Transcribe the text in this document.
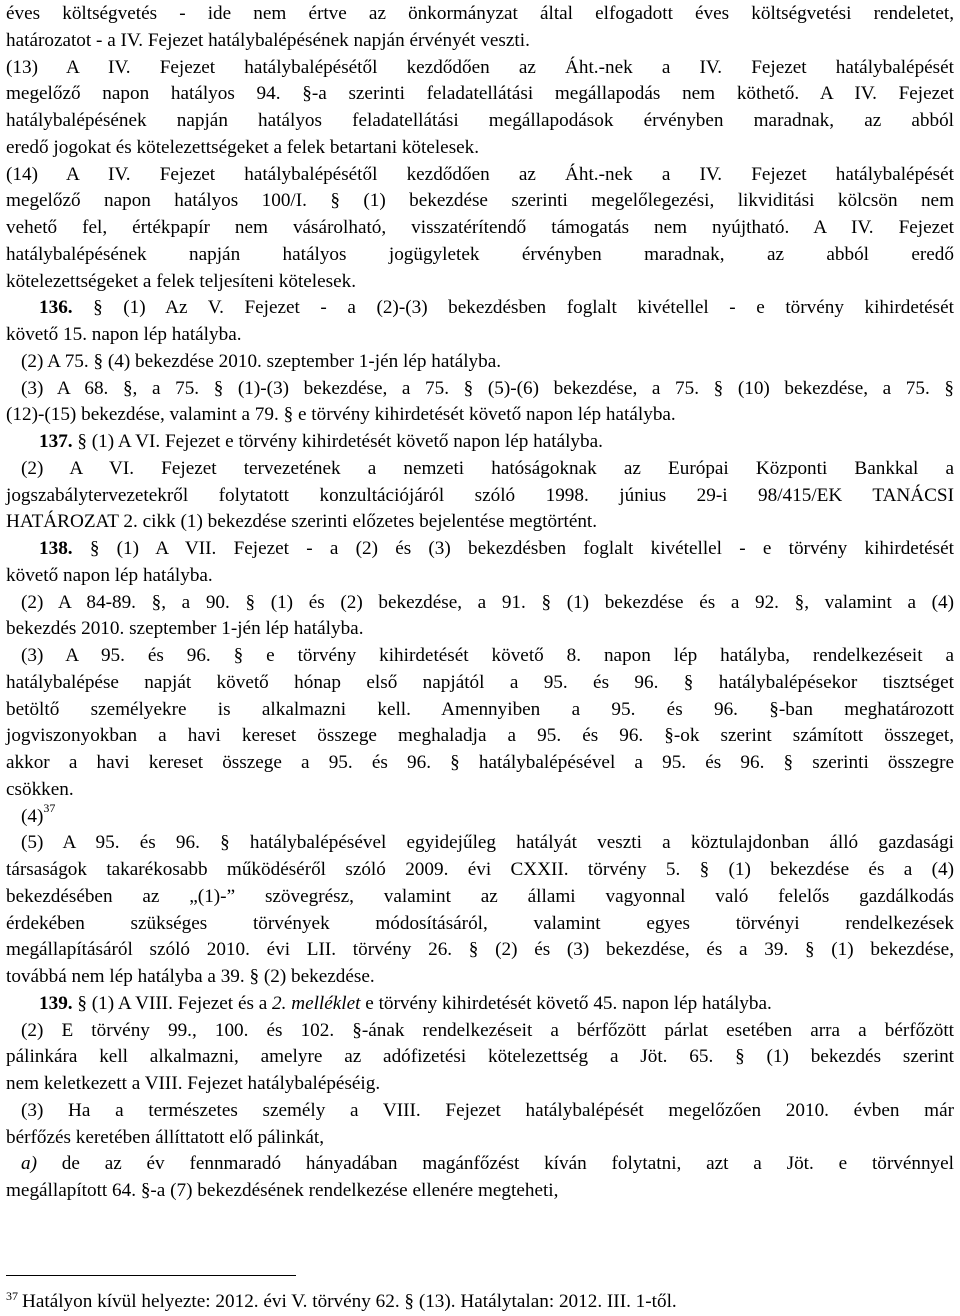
éves költségvetés - ide nem értve az önkormányzat által elfogadott éves költségvetési rendeletet,
határozatot - a IV. Fejezet hatálybalépésének napján érvényét veszti.
(13) A IV. Fejezet hatálybalépésétől kezdődően az Áht.-nek a IV. Fejezet hatálybalépését
megelőző napon hatályos 94. §-a szerinti feladatellátási megállapodás nem köthető. A IV. Fejezet
hatálybalépésének napján hatályos feladatellátási megállapodások érvényben maradnak, az abból
eredő jogokat és kötelezettségeket a felek betartani kötelesek.
(14) A IV. Fejezet hatálybalépésétől kezdődően az Áht.-nek a IV. Fejezet hatálybalépését
megelőző napon hatályos 100/I. § (1) bekezdése szerinti megelőlegezési, likviditási kölcsön nem
vehető fel, értékpapír nem vásárolható, visszatérítendő támogatás nem nyújtható. A IV. Fejezet
hatálybalépésének napján hatályos jogügyletek érvényben maradnak, az abból eredő
kötelezettségeket a felek teljesíteni kötelesek.
136. § (1) Az V. Fejezet - a (2)-(3) bekezdésben foglalt kivétellel - e törvény kihirdetését
követő 15. napon lép hatályba.
(2) A 75. § (4) bekezdése 2010. szeptember 1-jén lép hatályba.
(3) A 68. §, a 75. § (1)-(3) bekezdése, a 75. § (5)-(6) bekezdése, a 75. § (10) bekezdése, a 75. §
(12)-(15) bekezdése, valamint a 79. § e törvény kihirdetését követő napon lép hatályba.
137. § (1) A VI. Fejezet e törvény kihirdetését követő napon lép hatályba.
(2) A VI. Fejezet tervezetének a nemzeti hatóságoknak az Európai Központi Bankkal a
jogszabálytervezetekről folytatott konzultációjáról szóló 1998. június 29-i 98/415/EK TANÁCSI
HATÁROZAT 2. cikk (1) bekezdése szerinti előzetes bejelentése megtörtént.
138. § (1) A VII. Fejezet - a (2) és (3) bekezdésben foglalt kivétellel - e törvény kihirdetését
követő napon lép hatályba.
(2) A 84-89. §, a 90. § (1) és (2) bekezdése, a 91. § (1) bekezdése és a 92. §, valamint a (4)
bekezdés 2010. szeptember 1-jén lép hatályba.
(3) A 95. és 96. § e törvény kihirdetését követő 8. napon lép hatályba, rendelkezéseit a
hatálybalépése napját követő hónap első napjától a 95. és 96. § hatálybalépésekor tisztséget
betöltő személyekre is alkalmazni kell. Amennyiben a 95. és 96. §-ban meghatározott
jogviszonyokban a havi kereset összege meghaladja a 95. és 96. §-ok szerint számított összeget,
akkor a havi kereset összege a 95. és 96. § hatálybalépésével a 95. és 96. § szerinti összegre
csökken.
$(4)^{37}$
(5) A 95. és 96. § hatálybalépésével egyidejűleg hatályát veszti a köztulajdonban álló gazdasági
társaságok takarékosabb működéséről szóló 2009. évi CXXII. törvény 5. § (1) bekezdése és a (4)
bekezdésében az „(1)-” szövegrész, valamint az állami vagyonnal való felelős gazdálkodás
érdekében szükséges törvények módosításáról, valamint egyes törvényi rendelkezések
megállapításáról szóló 2010. évi LII. törvény 26. § (2) és (3) bekezdése, és a 39. § (1) bekezdése,
továbbá nem lép hatályba a 39. § (2) bekezdése.
139. § (1) A VIII. Fejezet és a 2. melléklet e törvény kihirdetését követő 45. napon lép hatályba.
(2) E törvény 99., 100. és 102. §-ának rendelkezéseit a bérfőzött párlat esetében arra a bérfőzött
pálinkára kell alkalmazni, amelyre az adófizetési kötelezettség a Jöt. 65. § (1) bekezdés szerint
nem keletkezett a VIII. Fejezet hatálybalépéséig.
(3) Ha a természetes személy a VIII. Fejezet hatálybalépését megelőzően 2010. évben már
bérfőzés keretében állíttatott elő pálinkát,
a) de az év fennmaradó hányadában magánfőzést kíván folytatni, azt a Jöt. e törvénnyel
megállapított 64. §-a (7) bekezdésének rendelkezése ellenére megteheti,
$^{37}$ Hatályon kívül helyezte: 2012. évi V. törvény 62. § (13). Hatálytalan: 2012. III. 1-től.
